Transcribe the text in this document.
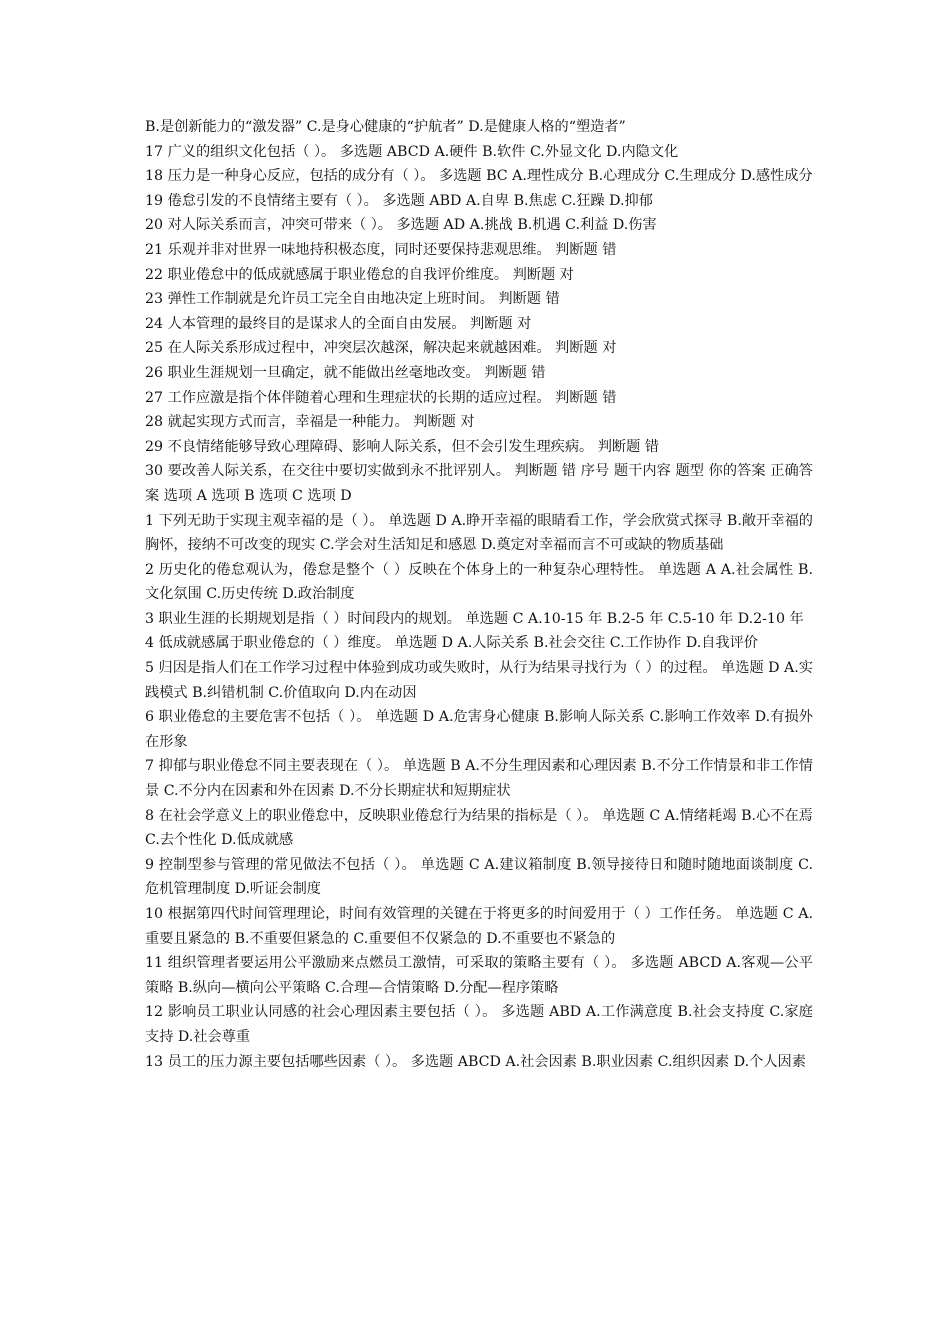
B.是创新能力的“激发器” C.是身心健康的“护航者” D.是健康人格的“塑造者”

17 广义的组织文化包括（ ）。 多选题 ABCD A.硬件 B.软件 C.外显文化 D.内隐文化

18 压力是一种身心反应，包括的成分有（ ）。 多选题 BC A.理性成分 B.心理成分 C.生理成分 D.感性成分

19 倦怠引发的不良情绪主要有（ ）。 多选题 ABD A.自卑 B.焦虑 C.狂躁 D.抑郁

20 对人际关系而言，冲突可带来（ ）。 多选题 AD A.挑战 B.机遇 C.利益 D.伤害

21 乐观并非对世界一味地持积极态度，同时还要保持悲观思维。 判断题 错

22 职业倦怠中的低成就感属于职业倦怠的自我评价维度。 判断题 对

23 弹性工作制就是允许员工完全自由地决定上班时间。 判断题 错

24 人本管理的最终目的是谋求人的全面自由发展。 判断题 对

25 在人际关系形成过程中，冲突层次越深，解决起来就越困难。 判断题 对

26 职业生涯规划一旦确定，就不能做出丝毫地改变。 判断题 错

27 工作应激是指个体伴随着心理和生理症状的长期的适应过程。 判断题 错

28 就起实现方式而言，幸福是一种能力。 判断题 对

29 不良情绪能够导致心理障碍、影响人际关系，但不会引发生理疾病。 判断题 错

30 要改善人际关系，在交往中要切实做到永不批评别人。 判断题 错 序号 题干内容 题型 你的答案 正确答案 选项 A 选项 B 选项 C 选项 D

1 下列无助于实现主观幸福的是（ ）。 单选题 D A.睁开幸福的眼睛看工作，学会欣赏式探寻 B.敞开幸福的胸怀，接纳不可改变的现实 C.学会对生活知足和感恩 D.奠定对幸福而言不可或缺的物质基础

2 历史化的倦怠观认为，倦怠是整个（ ）反映在个体身上的一种复杂心理特性。 单选题 A A.社会属性 B.文化氛围 C.历史传统 D.政治制度

3 职业生涯的长期规划是指（ ）时间段内的规划。 单选题 C A.10-15 年 B.2-5 年 C.5-10 年 D.2-10 年

4 低成就感属于职业倦怠的（ ）维度。 单选题 D A.人际关系 B.社会交往 C.工作协作 D.自我评价

5 归因是指人们在工作学习过程中体验到成功或失败时，从行为结果寻找行为（ ）的过程。 单选题 D A.实践模式 B.纠错机制 C.价值取向 D.内在动因

6 职业倦怠的主要危害不包括（ ）。 单选题 D A.危害身心健康 B.影响人际关系 C.影响工作效率 D.有损外在形象

7 抑郁与职业倦怠不同主要表现在（ ）。 单选题 B A.不分生理因素和心理因素 B.不分工作情景和非工作情景 C.不分内在因素和外在因素 D.不分长期症状和短期症状

8 在社会学意义上的职业倦怠中，反映职业倦怠行为结果的指标是（ ）。 单选题 C A.情绪耗竭 B.心不在焉 C.去个性化 D.低成就感

9 控制型参与管理的常见做法不包括（ ）。 单选题 C A.建议箱制度 B.领导接待日和随时随地面谈制度 C.危机管理制度 D.听证会制度

10 根据第四代时间管理理论，时间有效管理的关键在于将更多的时间爱用于（ ）工作任务。 单选题 C A.重要且紧急的 B.不重要但紧急的 C.重要但不仅紧急的 D.不重要也不紧急的

11 组织管理者要运用公平激励来点燃员工激情，可采取的策略主要有（ ）。 多选题 ABCD A.客观—公平策略 B.纵向—横向公平策略 C.合理—合情策略 D.分配—程序策略

12 影响员工职业认同感的社会心理因素主要包括（ ）。 多选题 ABD A.工作满意度 B.社会支持度 C.家庭支持 D.社会尊重

13 员工的压力源主要包括哪些因素（ ）。 多选题 ABCD A.社会因素 B.职业因素 C.组织因素 D.个人因素
